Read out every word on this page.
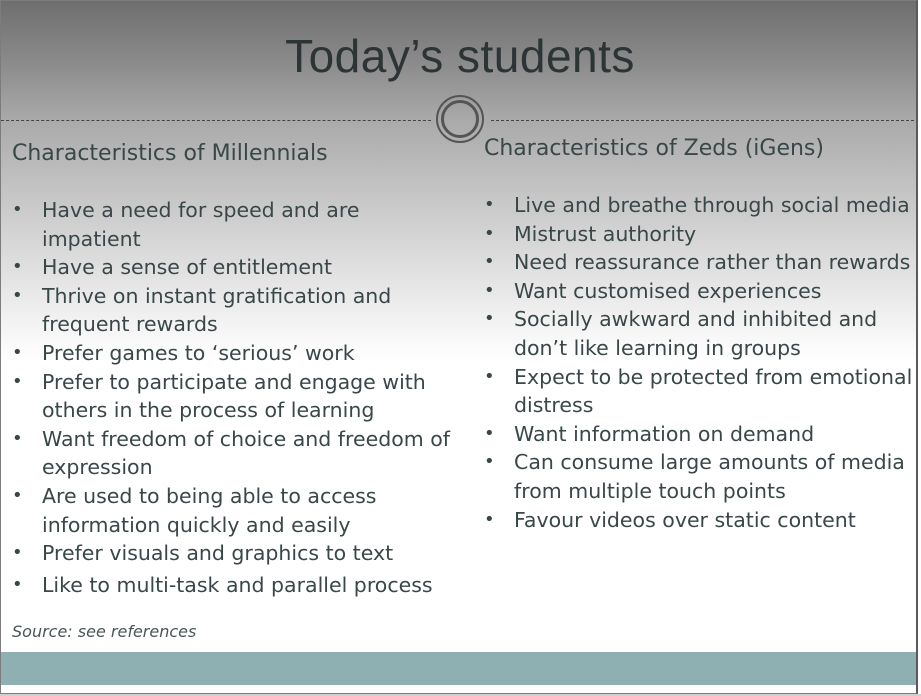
Today’s students

Characteristics of Millennials

• Have a need for speed and are impatient
• Have a sense of entitlement
• Thrive on instant gratification and frequent rewards
• Prefer games to ‘serious’ work
• Prefer to participate and engage with others in the process of learning
• Want freedom of choice and freedom of expression
• Are used to being able to access information quickly and easily
• Prefer visuals and graphics to text
• Like to multi-task and parallel process

Characteristics of Zeds (iGens)

• Live and breathe through social media
• Mistrust authority
• Need reassurance rather than rewards
• Want customised experiences
• Socially awkward and inhibited and don’t like learning in groups
• Expect to be protected from emotional distress
• Want information on demand
• Can consume large amounts of media from multiple touch points
• Favour videos over static content

Source: see references
